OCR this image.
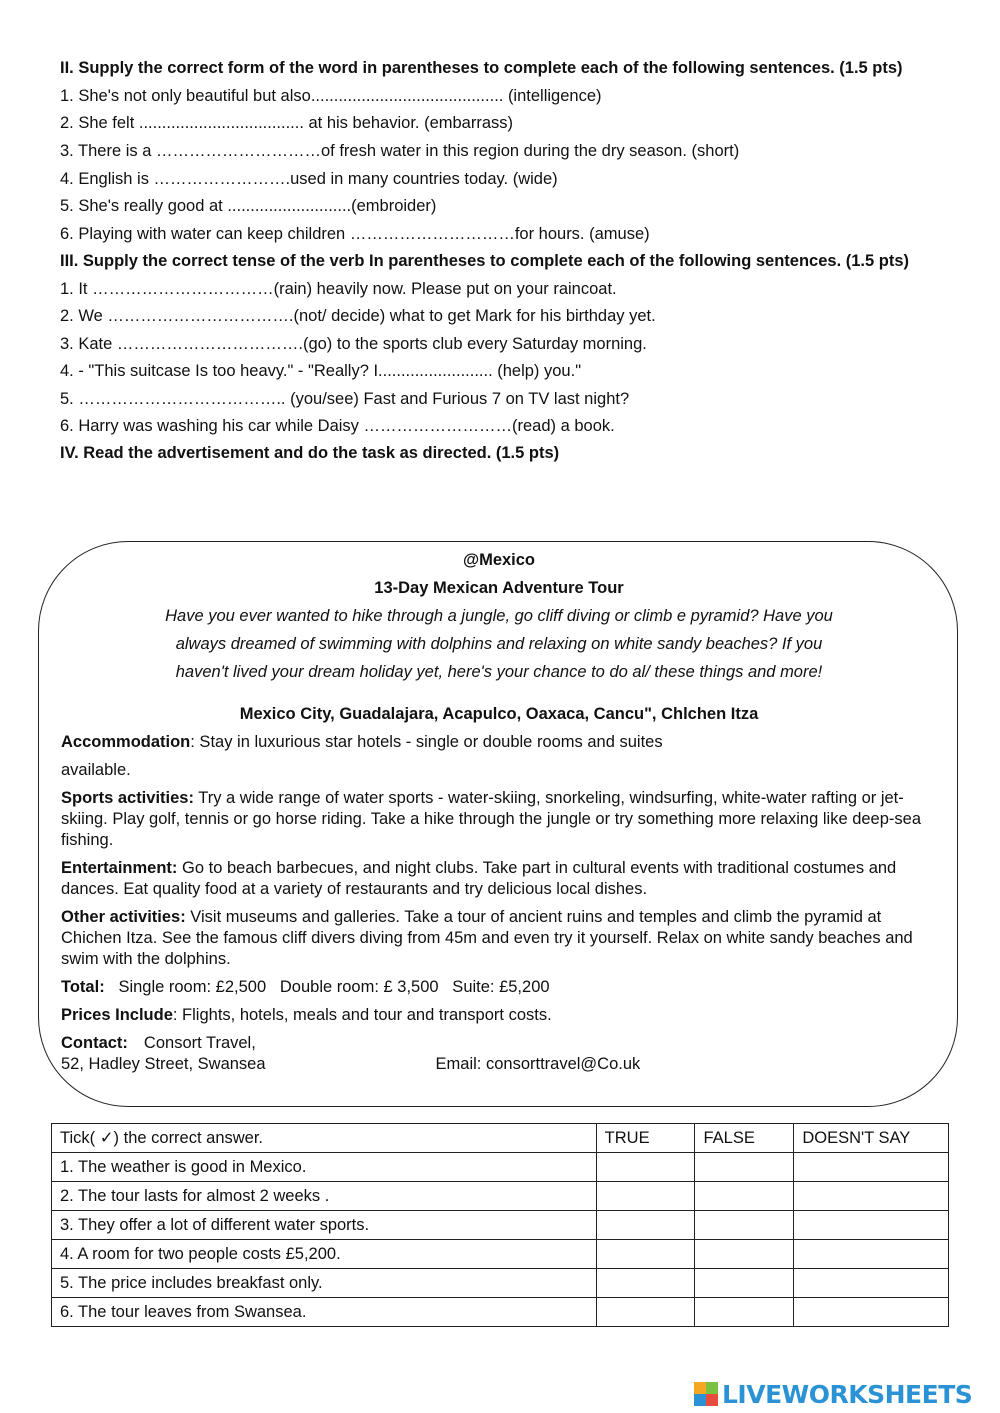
II. Supply the correct form of the word in parentheses to complete each of the following sentences. (1.5 pts)

1. She's not only beautiful but also.......................................... (intelligence)

2. She felt .................................... at his behavior. (embarrass)

3. There is a …………………………of fresh water in this region during the dry season. (short)

4. English is …………………….used in many countries today. (wide)

5. She's really good at ...........................(embroider)

6. Playing with water can keep children …………………………for hours. (amuse)

III. Supply the correct tense of the verb In parentheses to complete each of the following sentences. (1.5 pts)

1. It ……………………………(rain) heavily now. Please put on your raincoat.

2. We …………………………….(not/ decide) what to get Mark for his birthday yet.

3. Kate …………………………….(go) to the sports club every Saturday morning.

4. - "This suitcase Is too heavy." - "Really? I......................... (help) you."

5. ……………………………….. (you/see) Fast and Furious 7 on TV last night?

6. Harry was washing his car while Daisy ………………………(read) a book.

IV. Read the advertisement and do the task as directed. (1.5 pts)

@Mexico
13-Day Mexican Adventure Tour
Have you ever wanted to hike through a jungle, go cliff diving or climb e pyramid? Have you
always dreamed of swimming with dolphins and relaxing on white sandy beaches? If you
haven't lived your dream holiday yet, here's your chance to do al/ these things and more!
Mexico City, Guadalajara, Acapulco, Oaxaca, Cancu", Chlchen Itza

Accommodation: Stay in luxurious star hotels - single or double rooms and suites

available.

Sports activities: Try a wide range of water sports - water-skiing, snorkeling, windsurfing, white-water rafting or jet-skiing. Play golf, tennis or go horse riding. Take a hike through the jungle or try something more relaxing like deep-sea fishing.

Entertainment: Go to beach barbecues, and night clubs. Take part in cultural events with traditional costumes and dances. Eat quality food at a variety of restaurants and try delicious local dishes.

Other activities: Visit museums and galleries. Take a tour of ancient ruins and temples and climb the pyramid at Chichen Itza. See the famous cliff divers diving from 45m and even try it yourself. Relax on white sandy beaches and swim with the dolphins.

Total:   Single room: £2,500   Double room: £ 3,500   Suite: £5,200

Prices Include: Flights, hotels, meals and tour and transport costs.

Contact: Consort Travel,

52, Hadley Street, Swansea	Email: consorttravel@Co.uk

Tick( ✓) the correct answer.	TRUE	FALSE	DOESN'T SAY
1. The weather is good in Mexico.			
2. The tour lasts for almost 2 weeks .			
3. They offer a lot of different water sports.			
4. A room for two people costs £5,200.			
5. The price includes breakfast only.			
6. The tour leaves from Swansea.			
LIVEWORKSHEETS
